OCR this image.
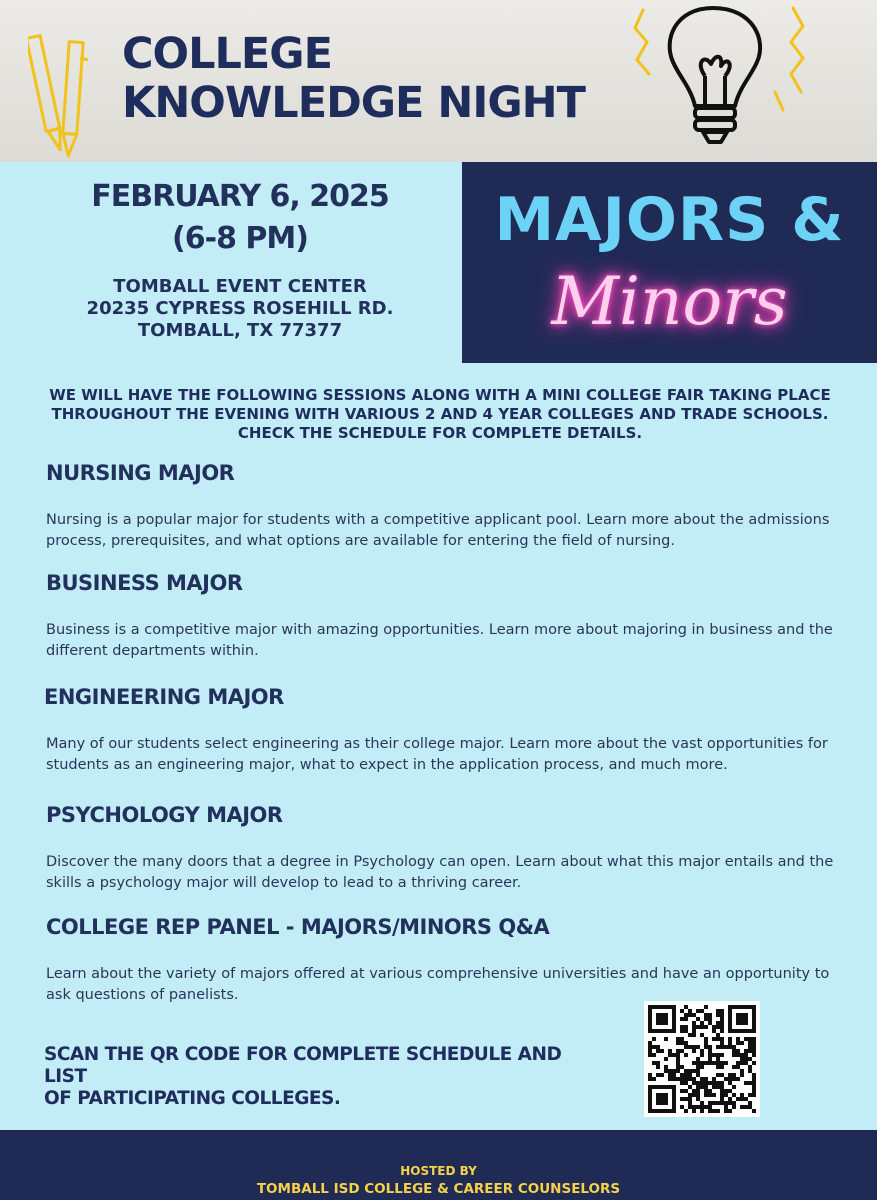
COLLEGE
KNOWLEDGE NIGHT
FEBRUARY 6, 2025
(6-8 PM)
TOMBALL EVENT CENTER
20235 CYPRESS ROSEHILL RD.
TOMBALL, TX 77377
MAJORS &
Minors
WE WILL HAVE THE FOLLOWING SESSIONS ALONG WITH A MINI COLLEGE FAIR TAKING PLACE
THROUGHOUT THE EVENING WITH VARIOUS 2 AND 4 YEAR COLLEGES AND TRADE SCHOOLS.
CHECK THE SCHEDULE FOR COMPLETE DETAILS.
NURSING MAJOR

Nursing is a popular major for students with a competitive applicant pool. Learn more about the admissions process, prerequisites, and what options are available for entering the field of nursing.

BUSINESS MAJOR

Business is a competitive major with amazing opportunities. Learn more about majoring in business and the different departments within.

ENGINEERING MAJOR

Many of our students select engineering as their college major. Learn more about the vast opportunities for students as an engineering major, what to expect in the application process, and much more.

PSYCHOLOGY MAJOR

Discover the many doors that a degree in Psychology can open. Learn about what this major entails and the skills a psychology major will develop to lead to a thriving career.

COLLEGE REP PANEL - MAJORS/MINORS Q&A

Learn about the variety of majors offered at various comprehensive universities and have an opportunity to ask questions of panelists.

SCAN THE QR CODE FOR COMPLETE SCHEDULE AND LIST
OF PARTICIPATING COLLEGES.
HOSTED BY
TOMBALL ISD COLLEGE & CAREER COUNSELORS
